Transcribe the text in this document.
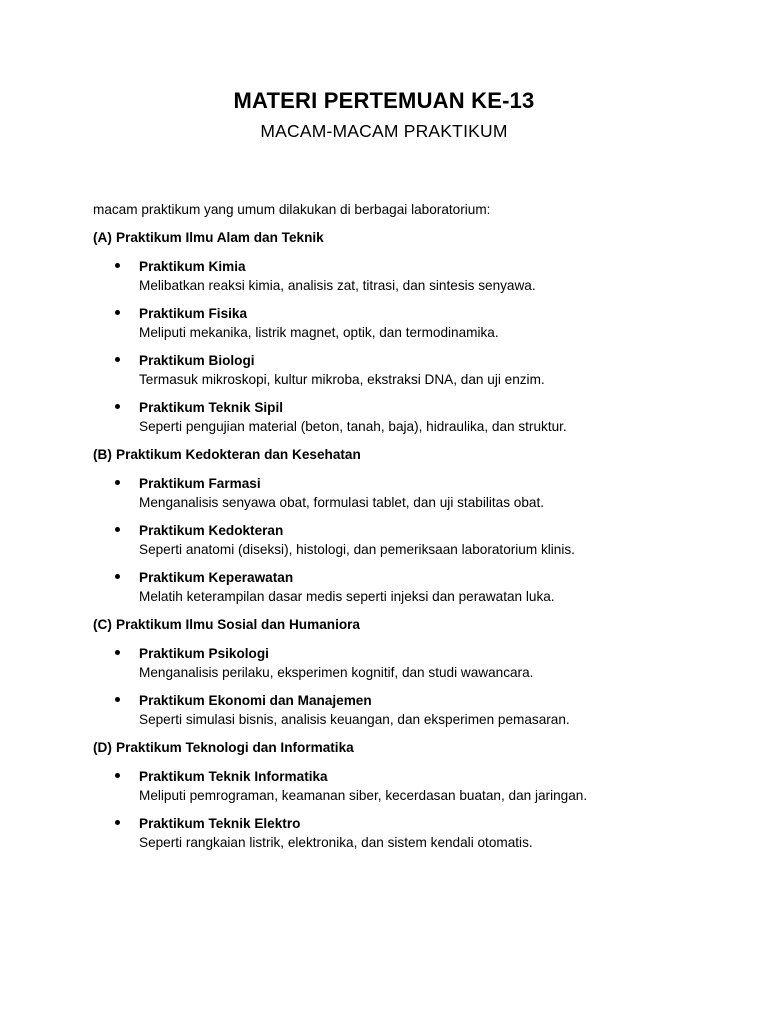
MATERI PERTEMUAN KE-13
MACAM-MACAM PRAKTIKUM
macam praktikum yang umum dilakukan di berbagai laboratorium:
(A) Praktikum Ilmu Alam dan Teknik
Praktikum Kimia
Melibatkan reaksi kimia, analisis zat, titrasi, dan sintesis senyawa.
Praktikum Fisika
Meliputi mekanika, listrik magnet, optik, dan termodinamika.
Praktikum Biologi
Termasuk mikroskopi, kultur mikroba, ekstraksi DNA, dan uji enzim.
Praktikum Teknik Sipil
Seperti pengujian material (beton, tanah, baja), hidraulika, dan struktur.
(B) Praktikum Kedokteran dan Kesehatan
Praktikum Farmasi
Menganalisis senyawa obat, formulasi tablet, dan uji stabilitas obat.
Praktikum Kedokteran
Seperti anatomi (diseksi), histologi, dan pemeriksaan laboratorium klinis.
Praktikum Keperawatan
Melatih keterampilan dasar medis seperti injeksi dan perawatan luka.
(C) Praktikum Ilmu Sosial dan Humaniora
Praktikum Psikologi
Menganalisis perilaku, eksperimen kognitif, dan studi wawancara.
Praktikum Ekonomi dan Manajemen
Seperti simulasi bisnis, analisis keuangan, dan eksperimen pemasaran.
(D) Praktikum Teknologi dan Informatika
Praktikum Teknik Informatika
Meliputi pemrograman, keamanan siber, kecerdasan buatan, dan jaringan.
Praktikum Teknik Elektro
Seperti rangkaian listrik, elektronika, dan sistem kendali otomatis.
